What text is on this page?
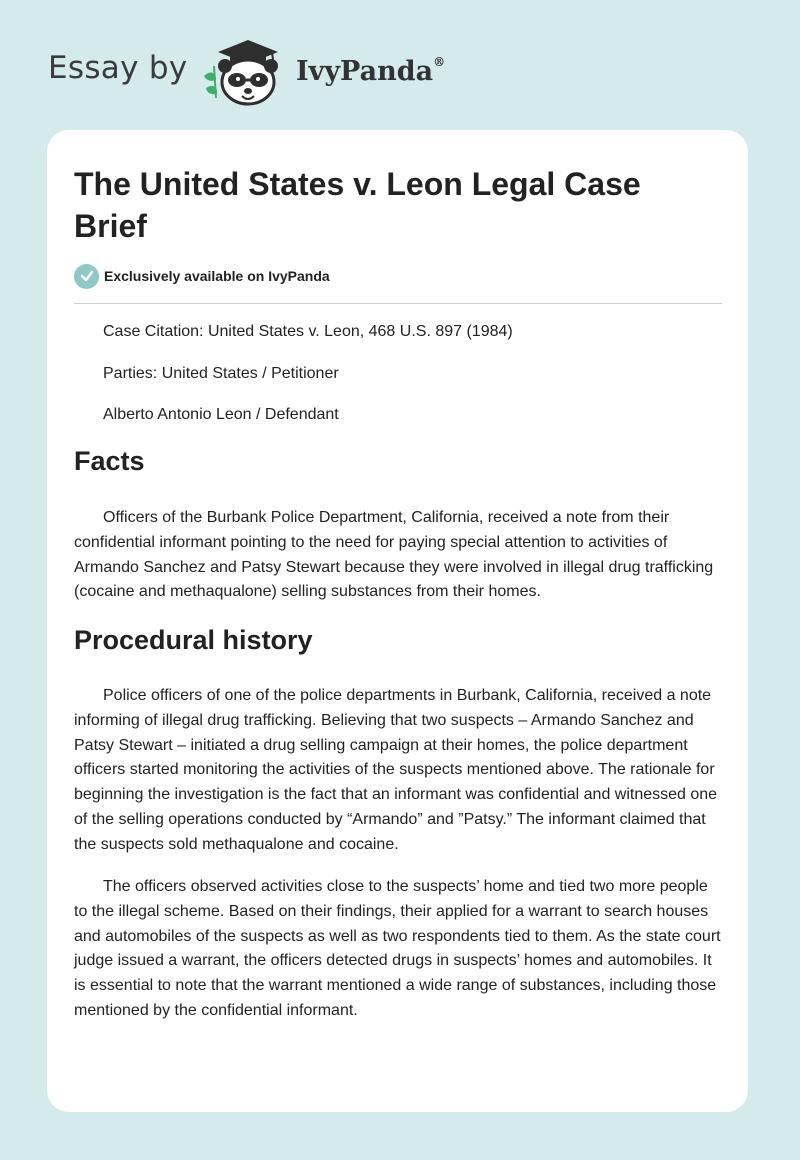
Essay by	IvyPanda®
The United States v. Leon Legal Case Brief
Exclusively available on IvyPanda
Case Citation: United States v. Leon, 468 U.S. 897 (1984)
Parties: United States / Petitioner
Alberto Antonio Leon / Defendant
Facts

Officers of the Burbank Police Department, California, received a note from their confidential informant pointing to the need for paying special attention to activities of Armando Sanchez and Patsy Stewart because they were involved in illegal drug trafficking (cocaine and methaqualone) selling substances from their homes.

Procedural history

Police officers of one of the police departments in Burbank, California, received a note informing of illegal drug trafficking. Believing that two suspects – Armando Sanchez and Patsy Stewart – initiated a drug selling campaign at their homes, the police department officers started monitoring the activities of the suspects mentioned above. The rationale for beginning the investigation is the fact that an informant was confidential and witnessed one of the selling operations conducted by “Armando” and ”Patsy.” The informant claimed that the suspects sold methaqualone and cocaine.

The officers observed activities close to the suspects’ home and tied two more people to the illegal scheme. Based on their findings, their applied for a warrant to search houses and automobiles of the suspects as well as two respondents tied to them. As the state court judge issued a warrant, the officers detected drugs in suspects’ homes and automobiles. It is essential to note that the warrant mentioned a wide range of substances, including those mentioned by the confidential informant.
